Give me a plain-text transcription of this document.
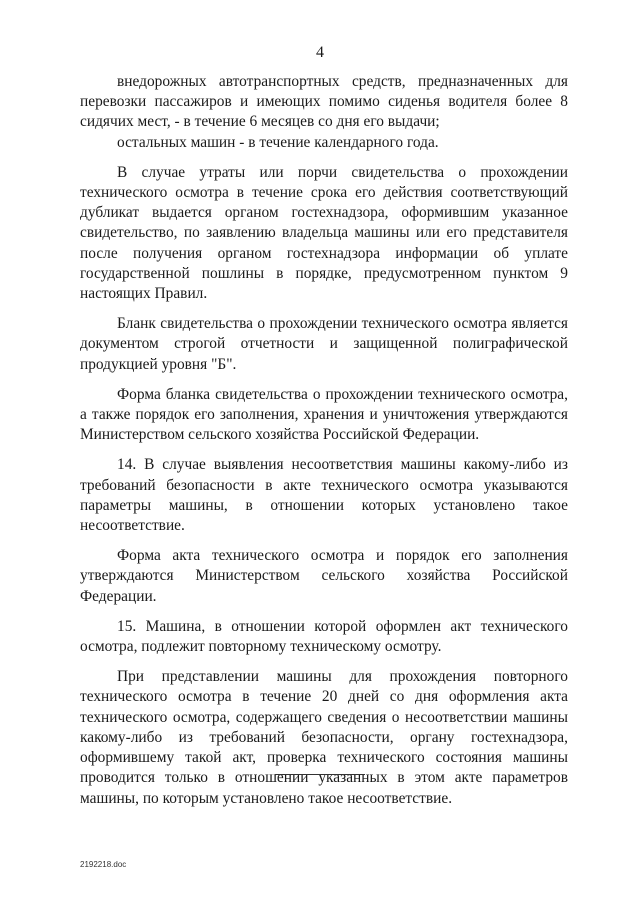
4

внедорожных автотранспортных средств, предназначенных для перевозки пассажиров и имеющих помимо сиденья водителя более 8 сидячих мест, - в течение 6 месяцев со дня его выдачи;

остальных машин - в течение календарного года.

В случае утраты или порчи свидетельства о прохождении технического осмотра в течение срока его действия соответствующий дубликат выдается органом гостехнадзора, оформившим указанное свидетельство, по заявлению владельца машины или его представителя после получения органом гостехнадзора информации об уплате государственной пошлины в порядке, предусмотренном пунктом 9 настоящих Правил.

Бланк свидетельства о прохождении технического осмотра является документом строгой отчетности и защищенной полиграфической продукцией уровня "Б".

Форма бланка свидетельства о прохождении технического осмотра, а также порядок его заполнения, хранения и уничтожения утверждаются Министерством сельского хозяйства Российской Федерации.

14. В случае выявления несоответствия машины какому-либо из требований безопасности в акте технического осмотра указываются параметры машины, в отношении которых установлено такое несоответствие.

Форма акта технического осмотра и порядок его заполнения утверждаются Министерством сельского хозяйства Российской Федерации.

15. Машина, в отношении которой оформлен акт технического осмотра, подлежит повторному техническому осмотру.

При представлении машины для прохождения повторного технического осмотра в течение 20 дней со дня оформления акта технического осмотра, содержащего сведения о несоответствии машины какому-либо из требований безопасности, органу гостехнадзора, оформившему такой акт, проверка технического состояния машины проводится только в отношении указанных в этом акте параметров машины, по которым установлено такое несоответствие.

2192218.doc
